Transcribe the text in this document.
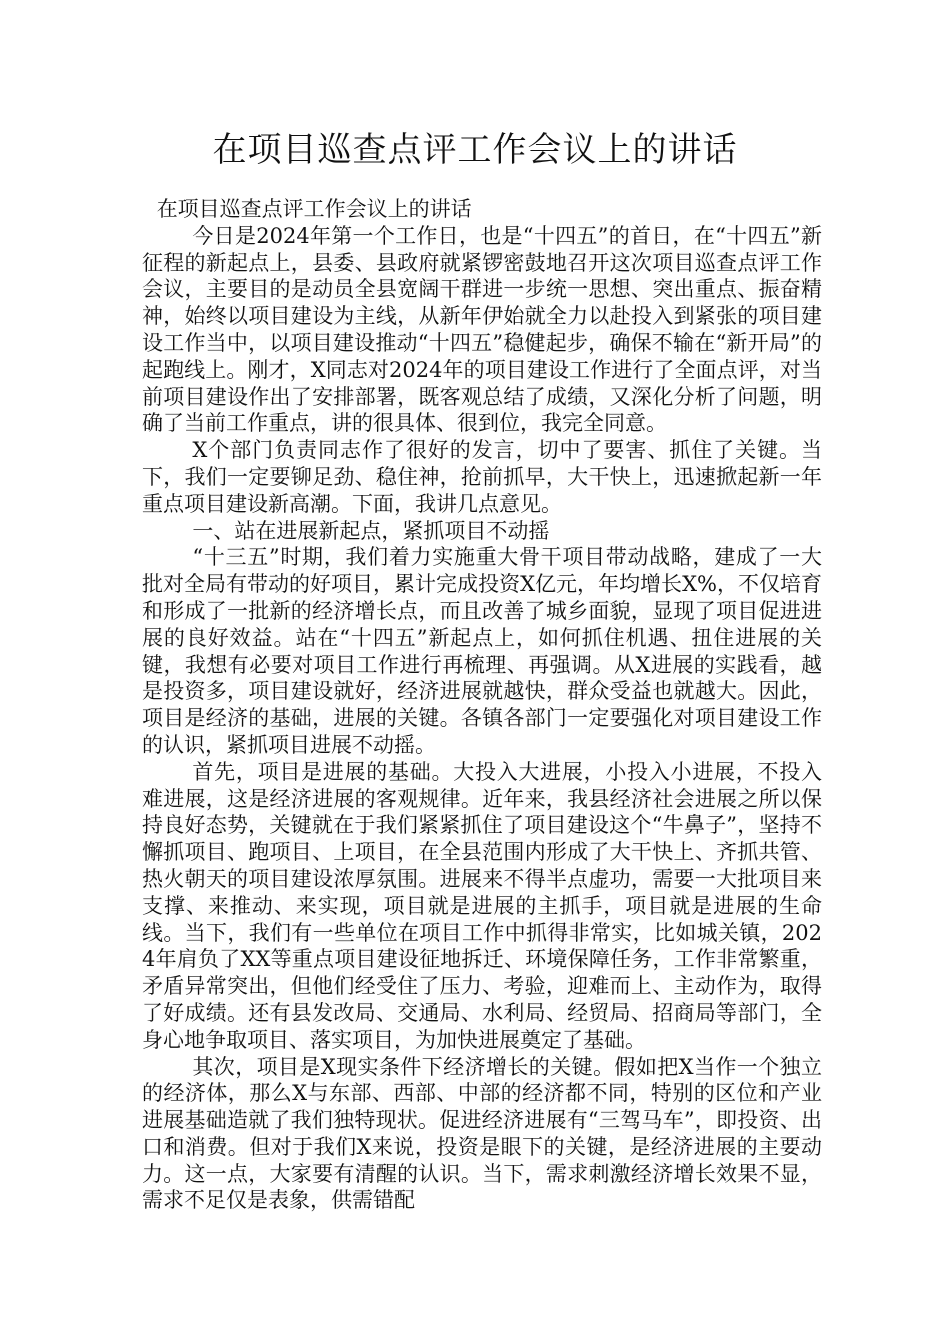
在项目巡查点评工作会议上的讲话

在项目巡查点评工作会议上的讲话

今日是2024年第一个工作日，也是“十四五”的首日，在“十四五”新征程的新起点上，县委、县政府就紧锣密鼓地召开这次项目巡查点评工作会议，主要目的是动员全县宽阔干群进一步统一思想、突出重点、振奋精神，始终以项目建设为主线，从新年伊始就全力以赴投入到紧张的项目建设工作当中，以项目建设推动“十四五”稳健起步，确保不输在“新开局”的起跑线上。刚才，X同志对2024年的项目建设工作进行了全面点评，对当前项目建设作出了安排部署，既客观总结了成绩，又深化分析了问题，明确了当前工作重点，讲的很具体、很到位，我完全同意。

X个部门负责同志作了很好的发言，切中了要害、抓住了关键。当下，我们一定要铆足劲、稳住神，抢前抓早，大干快上，迅速掀起新一年重点项目建设新高潮。下面，我讲几点意见。

一、站在进展新起点，紧抓项目不动摇

“十三五”时期，我们着力实施重大骨干项目带动战略，建成了一大批对全局有带动的好项目，累计完成投资X亿元，年均增长X%，不仅培育和形成了一批新的经济增长点，而且改善了城乡面貌，显现了项目促进进展的良好效益。站在“十四五”新起点上，如何抓住机遇、扭住进展的关键，我想有必要对项目工作进行再梳理、再强调。从X进展的实践看，越是投资多，项目建设就好，经济进展就越快，群众受益也就越大。因此，项目是经济的基础，进展的关键。各镇各部门一定要强化对项目建设工作的认识，紧抓项目进展不动摇。

首先，项目是进展的基础。大投入大进展，小投入小进展，不投入难进展，这是经济进展的客观规律。近年来，我县经济社会进展之所以保持良好态势，关键就在于我们紧紧抓住了项目建设这个“牛鼻子”，坚持不懈抓项目、跑项目、上项目，在全县范围内形成了大干快上、齐抓共管、热火朝天的项目建设浓厚氛围。进展来不得半点虚功，需要一大批项目来支撑、来推动、来实现，项目就是进展的主抓手，项目就是进展的生命线。当下，我们有一些单位在项目工作中抓得非常实，比如城关镇，2024年肩负了XX等重点项目建设征地拆迁、环境保障任务，工作非常繁重，矛盾异常突出，但他们经受住了压力、考验，迎难而上、主动作为，取得了好成绩。还有县发改局、交通局、水利局、经贸局、招商局等部门，全身心地争取项目、落实项目，为加快进展奠定了基础。

其次，项目是X现实条件下经济增长的关键。假如把X当作一个独立的经济体，那么X与东部、西部、中部的经济都不同，特别的区位和产业进展基础造就了我们独特现状。促进经济进展有“三驾马车”，即投资、出口和消费。但对于我们X来说，投资是眼下的关键，是经济进展的主要动力。这一点，大家要有清醒的认识。当下，需求刺激经济增长效果不显，需求不足仅是表象，供需错配
